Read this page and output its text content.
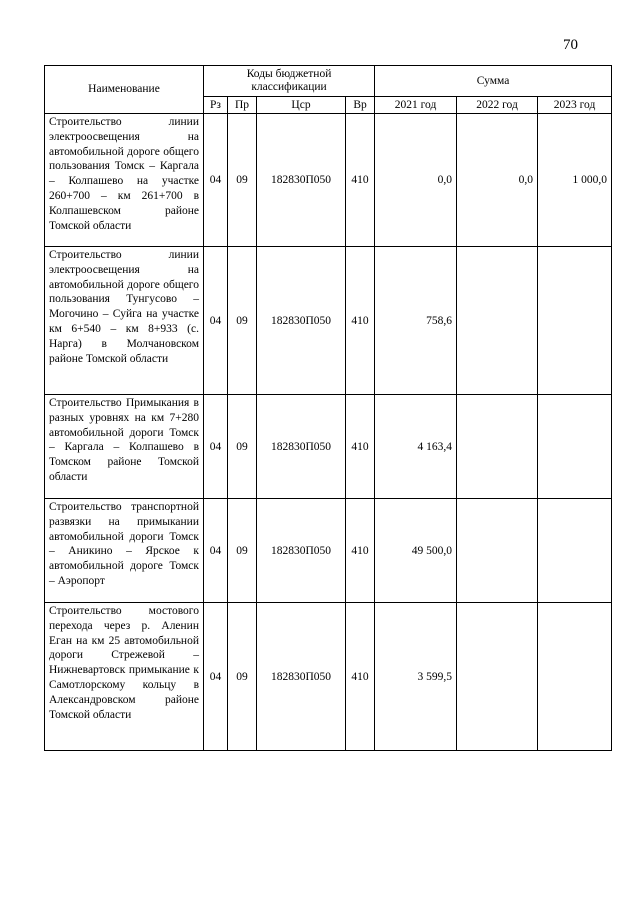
70
Наименование	Коды бюджетной классификации				Сумма		
	Рз	Пр	Цср	Вр	2021 год	2022 год	2023 год
Строительство линии электроосвещения на автомобильной дороге общего пользования Томск – Каргала – Колпашево на участке 260+700 – км 261+700 в Колпашевском районе Томской области	04	09	182830П050	410	0,0	0,0	1 000,0
Строительство линии электроосвещения на автомобильной дороге общего пользования Тунгусово – Могочино – Суйга на участке км 6+540 – км 8+933 (с. Нарга) в Молчановском районе Томской области	04	09	182830П050	410	758,6		
Строительство Примыкания в разных уровнях на км 7+280 автомобильной дороги Томск – Каргала – Колпашево в Томском районе Томской области	04	09	182830П050	410	4 163,4		
Строительство транспортной развязки на примыкании автомобильной дороги Томск – Аникино – Ярское к автомобильной дороге Томск – Аэропорт	04	09	182830П050	410	49 500,0		
Строительство мостового перехода через р. Аленин Еган на км 25 автомобильной дороги Стрежевой – Нижневартовск примыкание к Самотлорскому кольцу в Александровском районе Томской области	04	09	182830П050	410	3 599,5		
